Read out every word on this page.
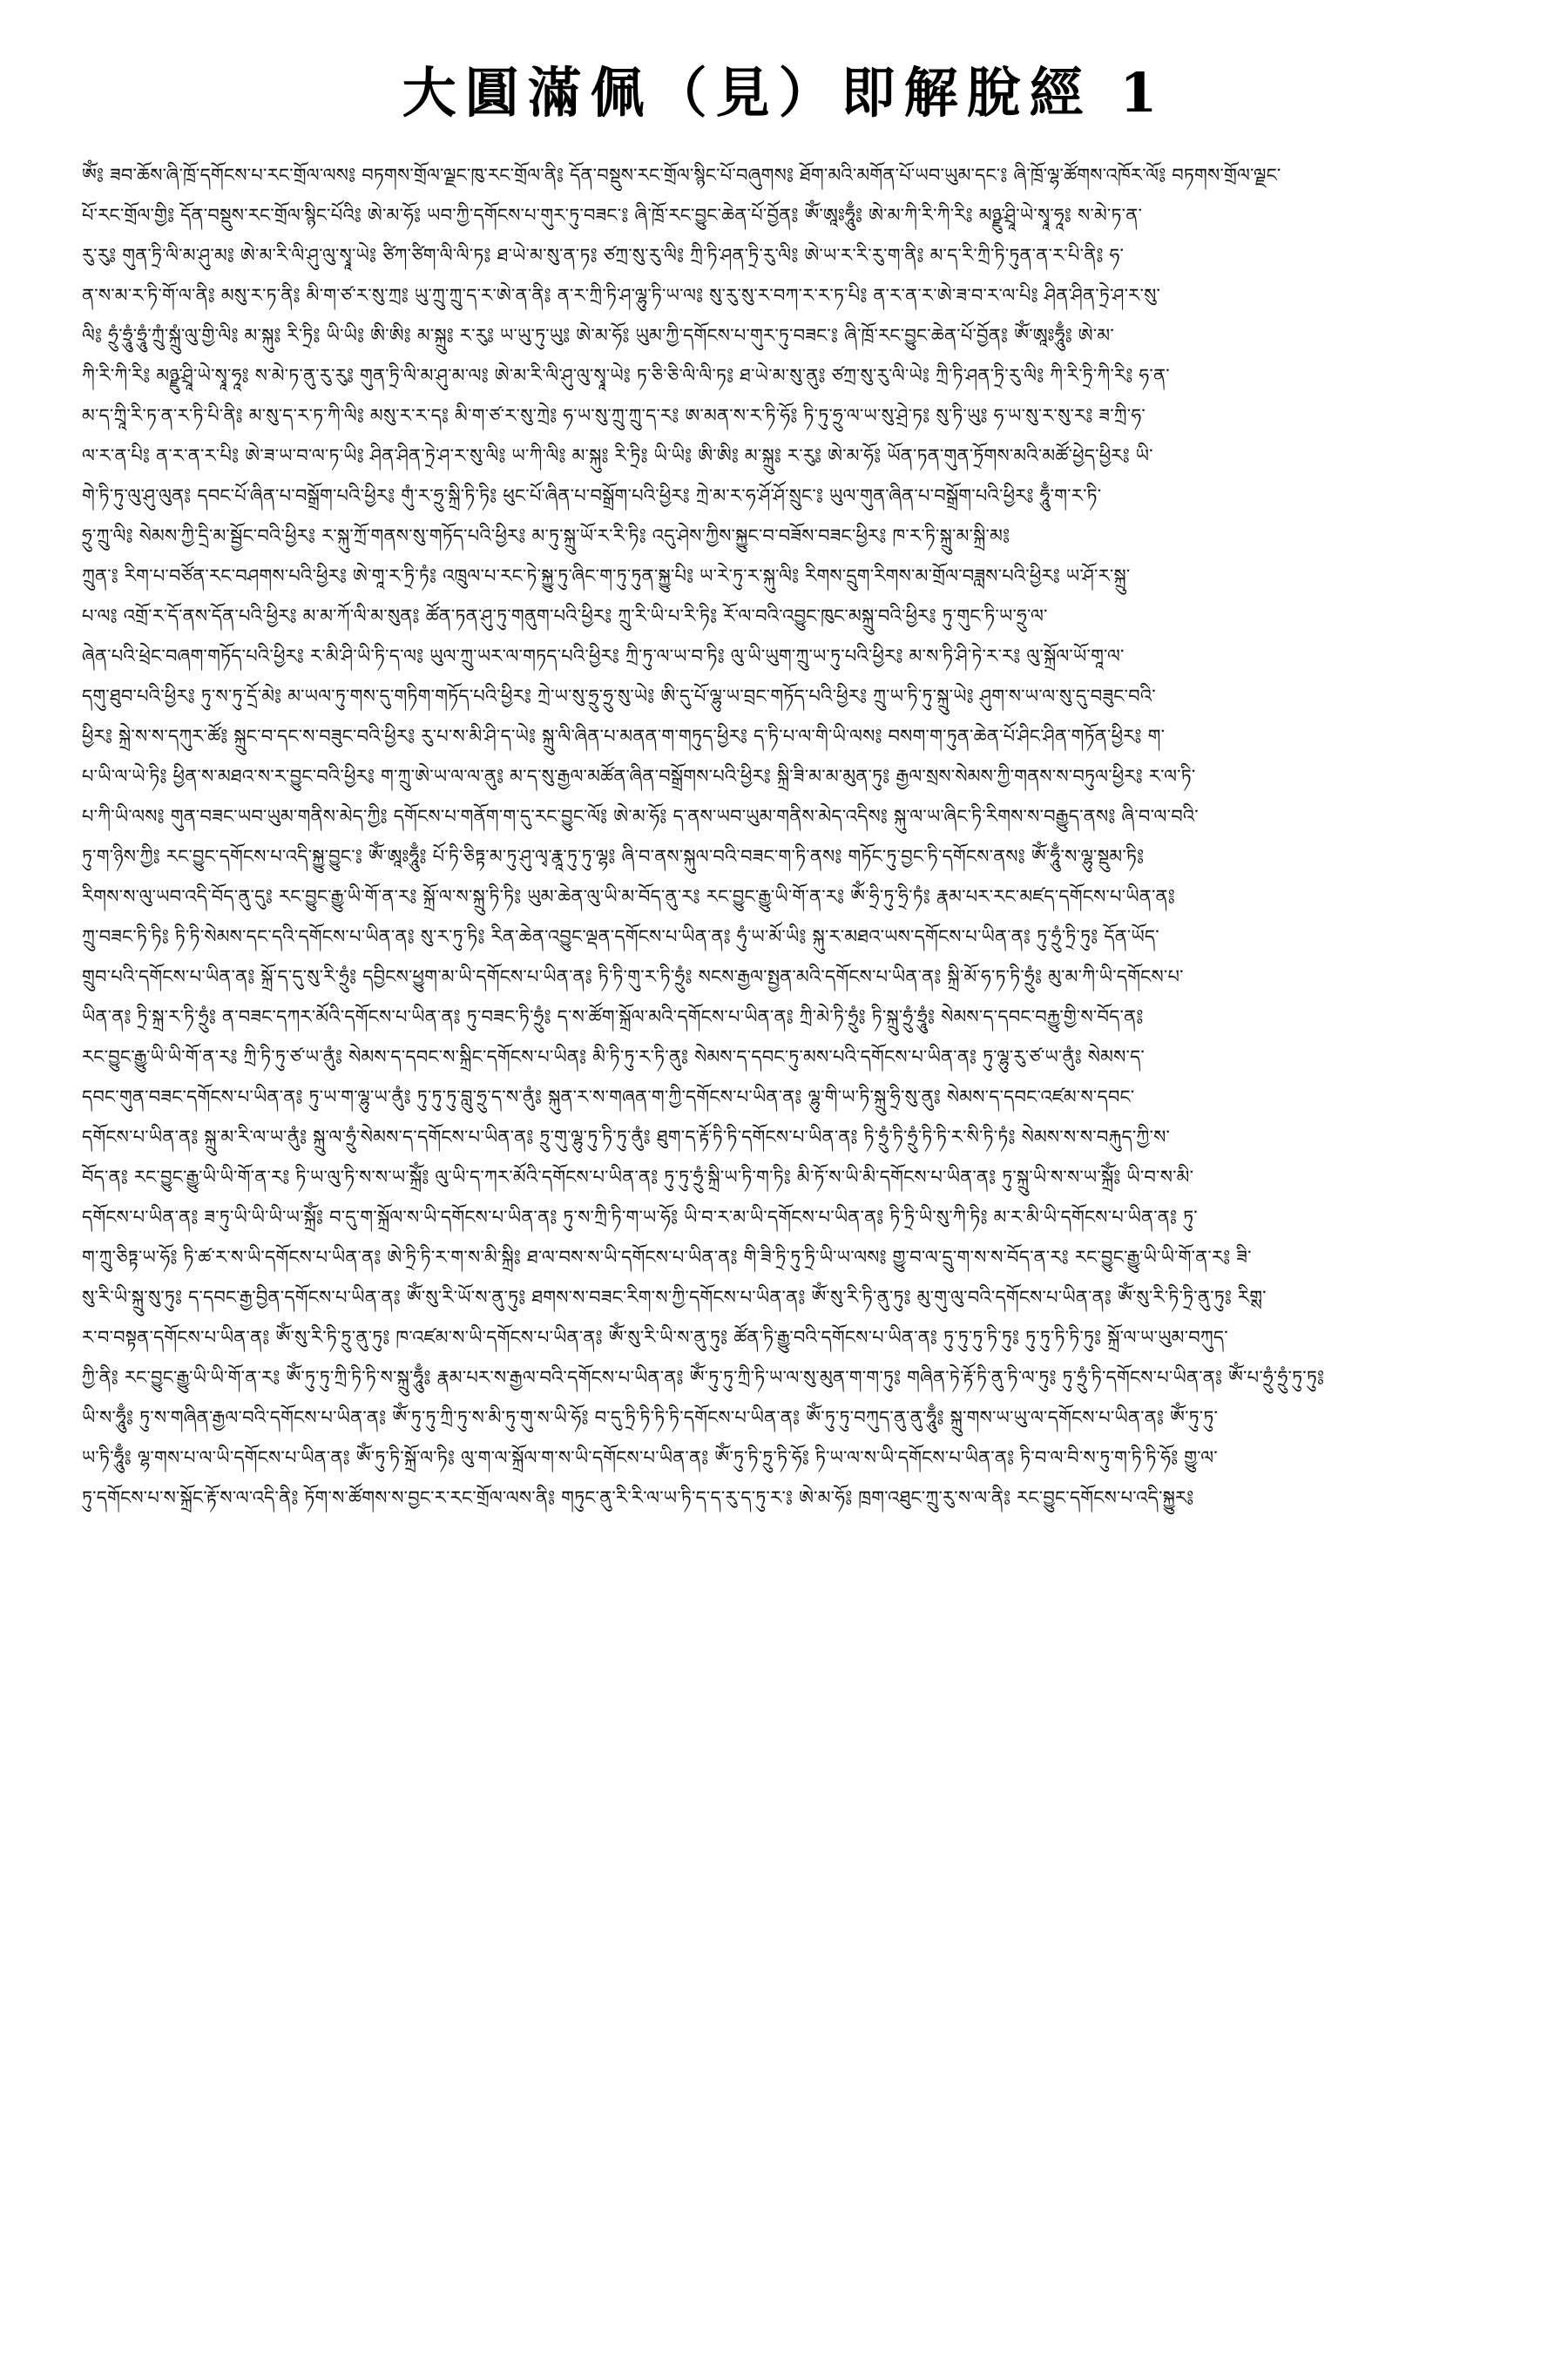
大圓滿佩（見）即解脫經 1

ཨོཾ༔ ཟབ་ཆོས་ཞི་ཁྲོ་དགོངས་པ་རང་གྲོལ་ལས༔ བཏགས་གྲོལ་ལྗང་ཁུ་རང་གྲོལ་ནི༔ དོན་བསྡུས་རང་གྲོལ་སྙིང་པོ་བཞུགས༔ ཐོག་མའི་མགོན་པོ་ཡབ་ཡུམ་དང་༔ ཞི་ཁྲོ་ལྷ་ཚོགས་འཁོར་ལོ༔ བཏགས་གྲོལ་ལྗང་

པོ་རང་གྲོལ་གྱི༔ དོན་བསྡུས་རང་གྲོལ་སྙིང་པོའི༔ ཨེ་མ་ཧོ༔ ཡབ་ཀྱི་དགོངས་པ་གུར་ཏུ་བཟང་༔ ཞི་ཁྲོ་རང་བྱུང་ཆེན་པོ་བྱོན༔ ཨོཾ་ཨཱཿཧཱུྃ༔ ཨེ་མ་ཀི་རི་ཀི་རི༔ མཉྫུ་ཤྲཱི་ཡེ་སྭཱ་ཧཱ༔ ས་མེ་ཏ་ན་

རུ་རུ༔ གུན་ཏྲི་ལི་མ་ཤུ་མ༔ ཨེ་མ་རི་ལི་ཤུ་ལུ་སྭཱ་ཡེ༔ ཙིཀ་ཙིག་ལི་ལི་ཏ༔ ཐ་ཡེ་མ་སུ་ན་ཏ༔ ཙཀྲ་སུ་རུ་ལི༔ ཀྲི་ཏི་ཤན་ཏྲི་རུ་ལི༔ ཨེ་ཡ་ར་རི་རུ་ག་ནི༔ མ་ད་རི་ཀྲི་ཏི་ཏུན་ན་ར་པི་ནི༔ ཧ་

ན་ས་མ་ར་ཏི་གོ་ལ་ནི༔ མསུ་ར་ཏ་ནི༔ མི་ག་ཙ་ར་སུ་ཀྲ༔ ཡུ་ཀྲུ་ཀྲུ་ད་ར་ཨེ་ན་ནི༔ ན་ར་ཀྲི་ཏི་ཤ་ལྷུ་ཏི་ཡ་ལ༔ སུ་རུ་སུ་ར་བཀ་ར་ར་ཏ་པི༔ ན་ར་ན་ར་ཨེ་ཟ་བ་ར་ལ་པི༔ ཤིན་ཤིན་ཏྲེ་ཤ་ར་སུ་

ལི༔ ཧྲུཾ་ཧྲཱུཾ་ཧྲཱུཾ་ཀྲུཾ་སྐྲུཾ་ལུ་གྱི་ལི༔ མ་སྐུ༔ རི་ཏྲི༔ ཡི་ཡི༔ ཨི་ཨི༔ མ་སྐྲུ༔ ར་རུ༔ ཡ་ཡུ་ཏུ་ཡུ༔ ཨེ་མ་ཧོ༔ ཡུམ་ཀྱི་དགོངས་པ་གུར་ཏུ་བཟང་༔ ཞི་ཁྲོ་རང་བྱུང་ཆེན་པོ་བྱོན༔ ཨོཾ་ཨཱཿཧཱུྃ༔ ཨེ་མ་

ཀི་རི་ཀི་རི༔ མཉྫུ་ཤྲཱི་ཡེ་སྭཱ་ཧཱ༔ ས་མེ་ཏ་ནུ་རུ་རུ༔ གུན་ཏྲི་ལི་མ་ཤུ་མ་ལ༔ ཨེ་མ་རི་ལི་ཤུ་ལུ་སྭཱ་ཡེ༔ ཏ་ཅི་ཅི་ལི་ལི་ཏ༔ ཐ་ཡེ་མ་སུ་ནུ༔ ཙཀྲ་སུ་རུ་ལི་ཡེ༔ ཀྲི་ཏི་ཤན་ཏྲི་རུ་ལི༔ ཀི་རི་ཏྲི་ཀི་རི༔ ཧ་ན་

མ་ད་ཀྲཱི་རི་ཏ་ན་ར་ཏི་པི་ནི༔ མ་སུ་ད་ར་ཏ་ཀི་ལི༔ མསུ་ར་ར་ད༔ མི་ག་ཙ་ར་སུ་ཀྲེ༔ ཧ་ཡ་སུ་ཀྲུ་ཀྲུ་ད་ར༔ ཨ་མན་ས་ར་ཏི་ཧོ༔ ཏི་ཏུ་ཧྲུ་ལ་ཡ་སུ་ཤྲེ་ཏ༔ སུ་ཏི་ཡུ༔ ཧ་ཡ་སུ་ར་སུ་ར༔ ཟ་ཀྲི་ཧ་

ལ་ར་ན་པི༔ ན་ར་ན་ར་པི༔ ཨེ་ཟ་ཡ་བ་ལ་ཏ་ཡི༔ ཤིན་ཤིན་ཏྲེ་ཤ་ར་སུ་ལི༔ ཡ་ཀི་ལི༔ མ་སྐུ༔ རི་ཏྲི༔ ཡི་ཡི༔ ཨི་ཨི༔ མ་སྐྲུ༔ ར་རུ༔ ཨེ་མ་ཧོ༔ ཡོན་ཏན་གུན་ཏྲོགས་མའི་མཚོ་ཕྱེད་ཕྱིར༔ ཡི་

གེ་ཏི་ཏུ་ལུ་ཤུ་ལུན༔ དབང་པོ་ཞིན་པ་བསྒྲོག་པའི་ཕྱིར༔ གུཾ་ར་ཧྲུ་སྐྲི་ཏི་ཏི༔ ཕུང་པོ་ཞིན་པ་བསྒྲོག་པའི་ཕྱིར༔ ཀྲེ་མ་ར་ཧ་ཤོ་ཤོ་སྲུང་༔ ཡུལ་གུན་ཞིན་པ་བསྒྲོག་པའི་ཕྱིར༔ ཧཱུྃ་ག་ར་ཏི་

ཧྲུ་ཀྲུ་ལི༔ སེམས་ཀྱི་དྲི་མ་སྦྱོང་བའི་ཕྱིར༔ ར་སྐུ་ཀྲོ་གནས་སུ་གཏོད་པའི་ཕྱིར༔ མ་ཏུ་སྐྲུ་ཡོ་ར་རི་ཏི༔ འདུ་ཤེས་ཀྱིས་སྐྱུང་བ་བཟོས་བཟང་ཕྱིར༔ ཁ་ར་ཏི་སྐྲུ་མ་སྐྲི་མ༔

ཀྲུན་༔ རིག་པ་བཙོན་རང་བཤགས་པའི་ཕྱིར༔ ཨེ་གཱ་ར་ཏྲི་ཏཾ༔ འཁྲུལ་པ་རང་ཏེ་སྐྱུ་ཏུ་ཞིང་ག་ཏུ་ཏུན་སྐྱུ་པི༔ ཡ་རེ་ཏུ་ར་སྐུ་ལི༔ རིགས་དྲུག་རིགས་མ་གྲོལ་བཟླས་པའི་ཕྱིར༔ ཡ་ཤོ་ར་སྐྲུ་

པ་ལ༔ འགྲོ་ར་དོ་ནས་དོན་པའི་ཕྱིར༔ མ་མ་ཀོ་ལི་མ་སུན༔ ཚོན་ཏན་ཤུ་ཏུ་གནུག་པའི་ཕྱིར༔ ཀྲུ་རི་ཡི་པ་རི་ཏི༔ རོ་ལ་བའི་འབྱུང་ཁུང་མསྐྲུ་བའི་ཕྱིར༔ ཏུ་གུང་ཏི་ཡ་ཧྲུ་ལ་

ཞེན་པའི་ཕྲེང་བཞག་གཏོད་པའི་ཕྱིར༔ ར་མི་ཤི་ཡི་ཏི་ད་ལ༔ ཡུལ་ཀྲུ་ཡར་ལ་གཏད་པའི་ཕྱིར༔ ཀྲི་ཏུ་ལ་ཡ་བ་ཏི༔ ལུ་ཡི་ཡུག་ཀྲུ་ཡ་ཏུ་པའི་ཕྱིར༔ མ་ས་ཏི་ཤི་ཏེ་ར་ར༔ ལུ་སྐྲོལ་ཡོ་གཱ་ལ་

དགུ་ཐུབ་པའི་ཕྱིར༔ ཏུ་ས་ཏུ་དྲོ་མེ༔ མ་ཡལ་ཏུ་གས་དུ་གཏིག་གཏོད་པའི་ཕྱིར༔ ཀྲེ་ཡ་སུ་ཧྲུ་ཧྲུ་སུ་ཡེ༔ ཨི་དུ་པོ་ལྷུ་ཡ་བྲང་གཏོད་པའི་ཕྱིར༔ ཀྲུ་ཡ་ཏི་ཏུ་སྐྲུ་ཡེ༔ ཤུག་ས་ཡ་ལ་སུ་དུ་བཟུང་བའི་

ཕྱིར༔ སྐྲེ་ས་ས་དཀུར་ཚོ༔ སྐྲུང་བ་དང་ས་བཟུང་བའི་ཕྱིར༔ རུ་པ་ས་མི་ཤི་ད་ཡེ༔ སྐྲུ་ལི་ཞིན་པ་མནན་ག་གཏུད་ཕྱིར༔ ད་ཏི་པ་ལ་གི་ཡི་ལས༔ བསག་ག་ཏུན་ཆེན་པོ་ཤིང་ཤིན་གཏོན་ཕྱིར༔ ག་

པ་ཡི་ལ་ཡེ་ཏི༔ ཕྱིན་ས་མཐའ་ས་ར་བྱུང་བའི་ཕྱིར༔ ག་ཀྲུ་ཨེ་ཡ་ལ་ལ་ནུ༔ མ་ད་སུ་རྒྱལ་མཚོན་ཞིན་བསྒྲོགས་པའི་ཕྱིར༔ སྐྲི་ཟི་མ་མ་མུན་ཏུ༔ རྒྱལ་སྲས་སེམས་ཀྱི་གནས་ས་བཏུལ་ཕྱིར༔ ར་ལ་ཏི་

པ་ཀི་ཡི་ལས༔ གུན་བཟང་ཡབ་ཡུམ་གནིས་མེད་ཀྱི༔ དགོངས་པ་གནོག་ག་དུ་རང་བྱུང་ལོ༔ ཨེ་མ་ཧོ༔ ད་ནས་ཡབ་ཡུམ་གནིས་མེད་འདིས༔ སྐུ་ལ་ཡ་ཞིང་ཏི་རིགས་ས་བརྒྱུད་ནས༔ ཞི་བ་ལ་བའི་

ཏུ་ག་ཉིས་ཀྱི༔ རང་བྱུང་དགོངས་པ་འདི་སྐྱུ་བྱུང་༔ ཨོཾ་ཨཱཿཧཱུྃ༔ པོ་ཏི་ཅིཏྟ་མ་ཏུ་ཤུ་ལྭ་རྣཱ་ཏུ་ཏུ་ལྷ༔ ཞི་བ་ནས་སྐུལ་བའི་བཟང་ག་ཏི་ནས༔ གཏོང་ཏུ་བྱང་ཏི་དགོངས་ནས༔ ཨོཾ་ཧཱུྃ་ས་ལྷུ་སྡུམ་ཏི༔

རིགས་ས་ལུ་ཡབ་འདི་བོད་ནུ་དུ༔ རང་བྱུང་རྒྱུ་ཡི་གོ་ན་ར༔ སྐྲོ་ལ་ས་སྐྲུ་ཏི་ཏི༔ ཡུམ་ཆེན་ལུ་ཡི་མ་བོད་ནུ་ར༔ རང་བྱུང་རྒྱུ་ཡི་གོ་ན་ར༔ ཨོཾ་ཧྲི་ཏུ་ཧྲི་ཏཾ༔ རྣམ་པར་རང་མཛད་དགོངས་པ་ཡིན་ན༔

ཀྲུ་བཟང་ཏི་ཏི༔ ཏི་ཏི་སེམས་དང་དའི་དགོངས་པ་ཡིན་ན༔ སུ་ར་ཏུ་ཏི༔ རིན་ཆེན་འབྱུང་ལྡན་དགོངས་པ་ཡིན་ན༔ ཧུཾ་ཡ་མོ་ཡི༔ སྐུ་ར་མཐའ་ཡས་དགོངས་པ་ཡིན་ན༔ ཏུ་ཧྲུཾ་ཏྲི་ཏུ༔ དོན་ཡོད་

གྲུབ་པའི་དགོངས་པ་ཡིན་ན༔ སྐྲོ་ད་དུ་སུ་རི་ཧྲུཾ༔ དབྱིངས་ཕྱུག་མ་ཡི་དགོངས་པ་ཡིན་ན༔ ཏི་ཏི་གུ་ར་ཏི་ཧྲུཾ༔ སངས་རྒྱལ་སྤྱན་མའི་དགོངས་པ་ཡིན་ན༔ སྐྲི་མོ་ཧ་ཏ་ཏི་ཧྲུཾ༔ མུ་མ་ཀི་ཡི་དགོངས་པ་

ཡིན་ན༔ ཏྲི་སྐྲ་ར་ཏི་ཧྲུཾ༔ ན་བཟང་དཀར་མོའི་དགོངས་པ་ཡིན་ན༔ ཏུ་བཟང་ཏི་ཧྲུཾ༔ ད་ས་ཚོག་སྐྲོལ་མའི་དགོངས་པ་ཡིན་ན༔ ཀྲི་མེ་ཏི་ཧྲུཾ༔ ཏི་སྐྲུ་ཧྲུཾ་ཧྲཱུཾ༔ སེམས་ད་དབང་བརྐྱུ་གྱི་ས་བོད་ན༔

རང་བྱུང་རྒྱུ་ཡི་ཡི་གོ་ན་ར༔ ཀྲི་ཏི་ཏུ་ཙ་ཡ་ནུཾ༔ སེམས་ད་དབང་ས་སྐྲིང་དགོངས་པ་ཡིན༔ མི་ཏི་ཏུ་ར་ཏི་ནུ༔ སེམས་ད་དབང་ཏུ་མས་པའི་དགོངས་པ་ཡིན་ན༔ ཏུ་ལྷུ་རུ་ཙ་ཡ་ནུཾ༔ སེམས་ད་

དབང་གུན་བཟང་དགོངས་པ་ཡིན་ན༔ ཏུ་ཡ་ག་ལྷུ་ཡ་ནུཾ༔ ཏུ་ཏུ་ཏུ་བླུ་ཧྲུ་ད་ས་ནུཾ༔ སྐུན་ར་ས་གཞན་ག་ཀྱི་དགོངས་པ་ཡིན་ན༔ ལྷུ་གི་ཡ་ཏི་སྐྲུ་ཧྲི་སུ་ནུ༔ སེམས་ད་དབང་འཛམ་ས་དབང་

དགོངས་པ་ཡིན་ན༔ སྐྲུ་མ་རི་ལ་ཡ་ནུཾ༔ སྐྲུ་ལ་ཧྲུཾ་སེམས་ད་དགོངས་པ་ཡིན་ན༔ ཏྲུ་གུ་ལྷུ་ཏུ་ཏི་ཏུ་ནུཾ༔ ཐུག་ད་རྟོ་ཏི་ཏི་དགོངས་པ་ཡིན་ན༔ ཏི་ཧྲུཾ་ཏི་ཧྲུཾ་ཏི་ཏི་ར་སི་ཏི་ཏཾ༔ སེམས་ས་ས་བརྐུད་ཀྱི་ས་

བོད་ན༔ རང་བྱུང་རྒྱུ་ཡི་ཡི་གོ་ན་ར༔ ཏི་ཡ་ལུ་ཏི་ས་ས་ཡ་སྐྲོཾ༔ ལུ་ཡི་ད་ཀར་མོའི་དགོངས་པ་ཡིན་ན༔ ཏུ་ཏུ་ཧྲུཾ་སྐྲི་ཡ་ཏི་ག་ཏི༔ མི་ཏོ་ས་ཡི་མི་དགོངས་པ་ཡིན་ན༔ ཏུ་སྐྲུ་ཡི་ས་ས་ཡ་སྐྲོཾ༔ ཡི་བ་ས་མི་

དགོངས་པ་ཡིན་ན༔ ཟ་ཏུ་ཡི་ཡི་ཡི་ཡ་སྐྲོཾ༔ བ་དུ་ག་སྐྲོལ་ས་ཡི་དགོངས་པ་ཡིན་ན༔ ཏུ་ས་ཀྲི་ཏི་ག་ཡ་ཧོ༔ ཡི་བ་ར་མ་ཡི་དགོངས་པ་ཡིན་ན༔ ཏི་ཏྲི་ཡི་སུ་ཀི་ཏི༔ མ་ར་མི་ཡི་དགོངས་པ་ཡིན་ན༔ ཏུ་

ག་ཀྲུ་ཅིཏྟ་ཡ་ཧོ༔ ཏི་ཚ་ར་ས་ཡི་དགོངས་པ་ཡིན་ན༔ ཨེ་ཏྲི་ཏི་ར་ག་ས་མི་སྐྲི༔ ཐ་ལ་བས་ས་ཡི་དགོངས་པ་ཡིན་ན༔ གི་ཟི་ཏྲི་ཏུ་ཏྲི་ཡི་ཡ་ལས༔ གྱུ་བ་ལ་དྲུ་ག་ས་ས་བོད་ན་ར༔ རང་བྱུང་རྒྱུ་ཡི་ཡི་གོ་ན་ར༔ ཟི་

སུ་རི་ཡི་སྐྲུ་སུ་ཏུ༔ ད་དབང་རྒྱ་བྱིན་དགོངས་པ་ཡིན་ན༔ ཨོཾ་སུ་རི་ཡོ་ས་ནུ་ཏུ༔ ཐགས་ས་བཟང་རིག་ས་ཀྱི་དགོངས་པ་ཡིན་ན༔ ཨོཾ་སུ་རི་ཏི་ནུ་ཏུ༔ མུ་གུ་ལུ་བའི་དགོངས་པ་ཡིན་ན༔ ཨོཾ་སུ་རི་ཏི་ཏྲི་ནུ་ཏུ༔ རིགྶ་

ར་བ་བསྟན་དགོངས་པ་ཡིན་ན༔ ཨོཾ་སུ་རི་ཏི་ཏྲུ་ནུ་ཏུ༔ ཁ་འཛམ་ས་ཡི་དགོངས་པ་ཡིན་ན༔ ཨོཾ་སུ་རི་ཡི་ས་ནུ་ཏུ༔ ཚོན་ཏི་རྒྱུ་བའི་དགོངས་པ་ཡིན་ན༔ ཏུ་ཏུ་ཏུ་ཏི་ཏུ༔ ཏུ་ཏུ་ཏི་ཏི་ཏུ༔ སྐྲོ་ལ་ཡ་ཡུམ་བཀུད་

ཀྱི་ནི༔ རང་བྱུང་རྒྱུ་ཡི་ཡི་གོ་ན་ར༔ ཨོཾ་ཏུ་ཏུ་ཀྲི་ཏི་ཏི་ས་སྐྲུ་ཧཱུྃ༔ རྣམ་པར་ས་རྒྱལ་བའི་དགོངས་པ་ཡིན་ན༔ ཨོཾ་ཏུ་ཏུ་ཀྲི་ཏི་ཡ་ལ་སུ་མུན་ག་ག་ཏུ༔ གཞིན་ཏེ་རྟོ་ཏི་ནུ་ཏི་ལ་ཏུ༔ ཏུ་ཧྲུཾ་ཏི་དགོངས་པ་ཡིན་ན༔ ཨོཾ་པ་ཧྲུཾ་ཧྲུཾ་ཏུ་ཏུ༔

ཡི་ས་ཧཱུྃ༔ ཏུ་ས་གཞིན་རྒྱལ་བའི་དགོངས་པ་ཡིན་ན༔ ཨོཾ་ཏུ་ཏུ་ཀྲི་ཏུ་ས་མི་ཏུ་གུ་ས་ཡི་ཧོ༔ བ་དུ་ཏྲི་ཏི་ཏི་ཏི་དགོངས་པ་ཡིན་ན༔ ཨོཾ་ཏུ་ཏུ་བཀུད་ནུ་ནུ་ཧཱུྃ༔ སྐྲུ་གས་ཡ་ཡུ་ལ་དགོངས་པ་ཡིན་ན༔ ཨོཾ་ཏུ་ཏུ་

ཡ་ཏི་ཧཱུྃ༔ ལྷ་གས་པ་ལ་ཡི་དགོངས་པ་ཡིན་ན༔ ཨོཾ་ཏུ་ཏི་སྐྲོ་ལ་ཏི༔ ལུ་ག་ལ་སྐྲོལ་ག་ས་ཡི་དགོངས་པ་ཡིན་ན༔ ཨོཾ་ཏུ་ཏི་ཏྲུ་ཏི་ཧོ༔ ཏི་ཡ་ལ་ས་ཡི་དགོངས་པ་ཡིན་ན༔ ཏི་བ་ལ་བི་ས་ཏུ་ག་ཏི་ཏི་ཧོ༔ གྱུ་ལ་

ཏུ་དགོངས་པ་ས་སྐྲོང་རྟོ་ས་ལ་འདི་ནི༔ ཏོག་ས་ཚོགས་ས་བྱང་ར་རང་གྲོལ་ལས་ནི༔ གཏུང་ནུ་རི་རི་ལ་ཡ་ཏི་ད་ད་རུ་ད་ཏུ་ར་༔ ཨེ་མ་ཧོ༔ ཁྲག་འཐུང་ཀྲུ་རུ་ས་ལ་ནི༔ རང་བྱུང་དགོངས་པ་འདི་སྐྱུར༔
